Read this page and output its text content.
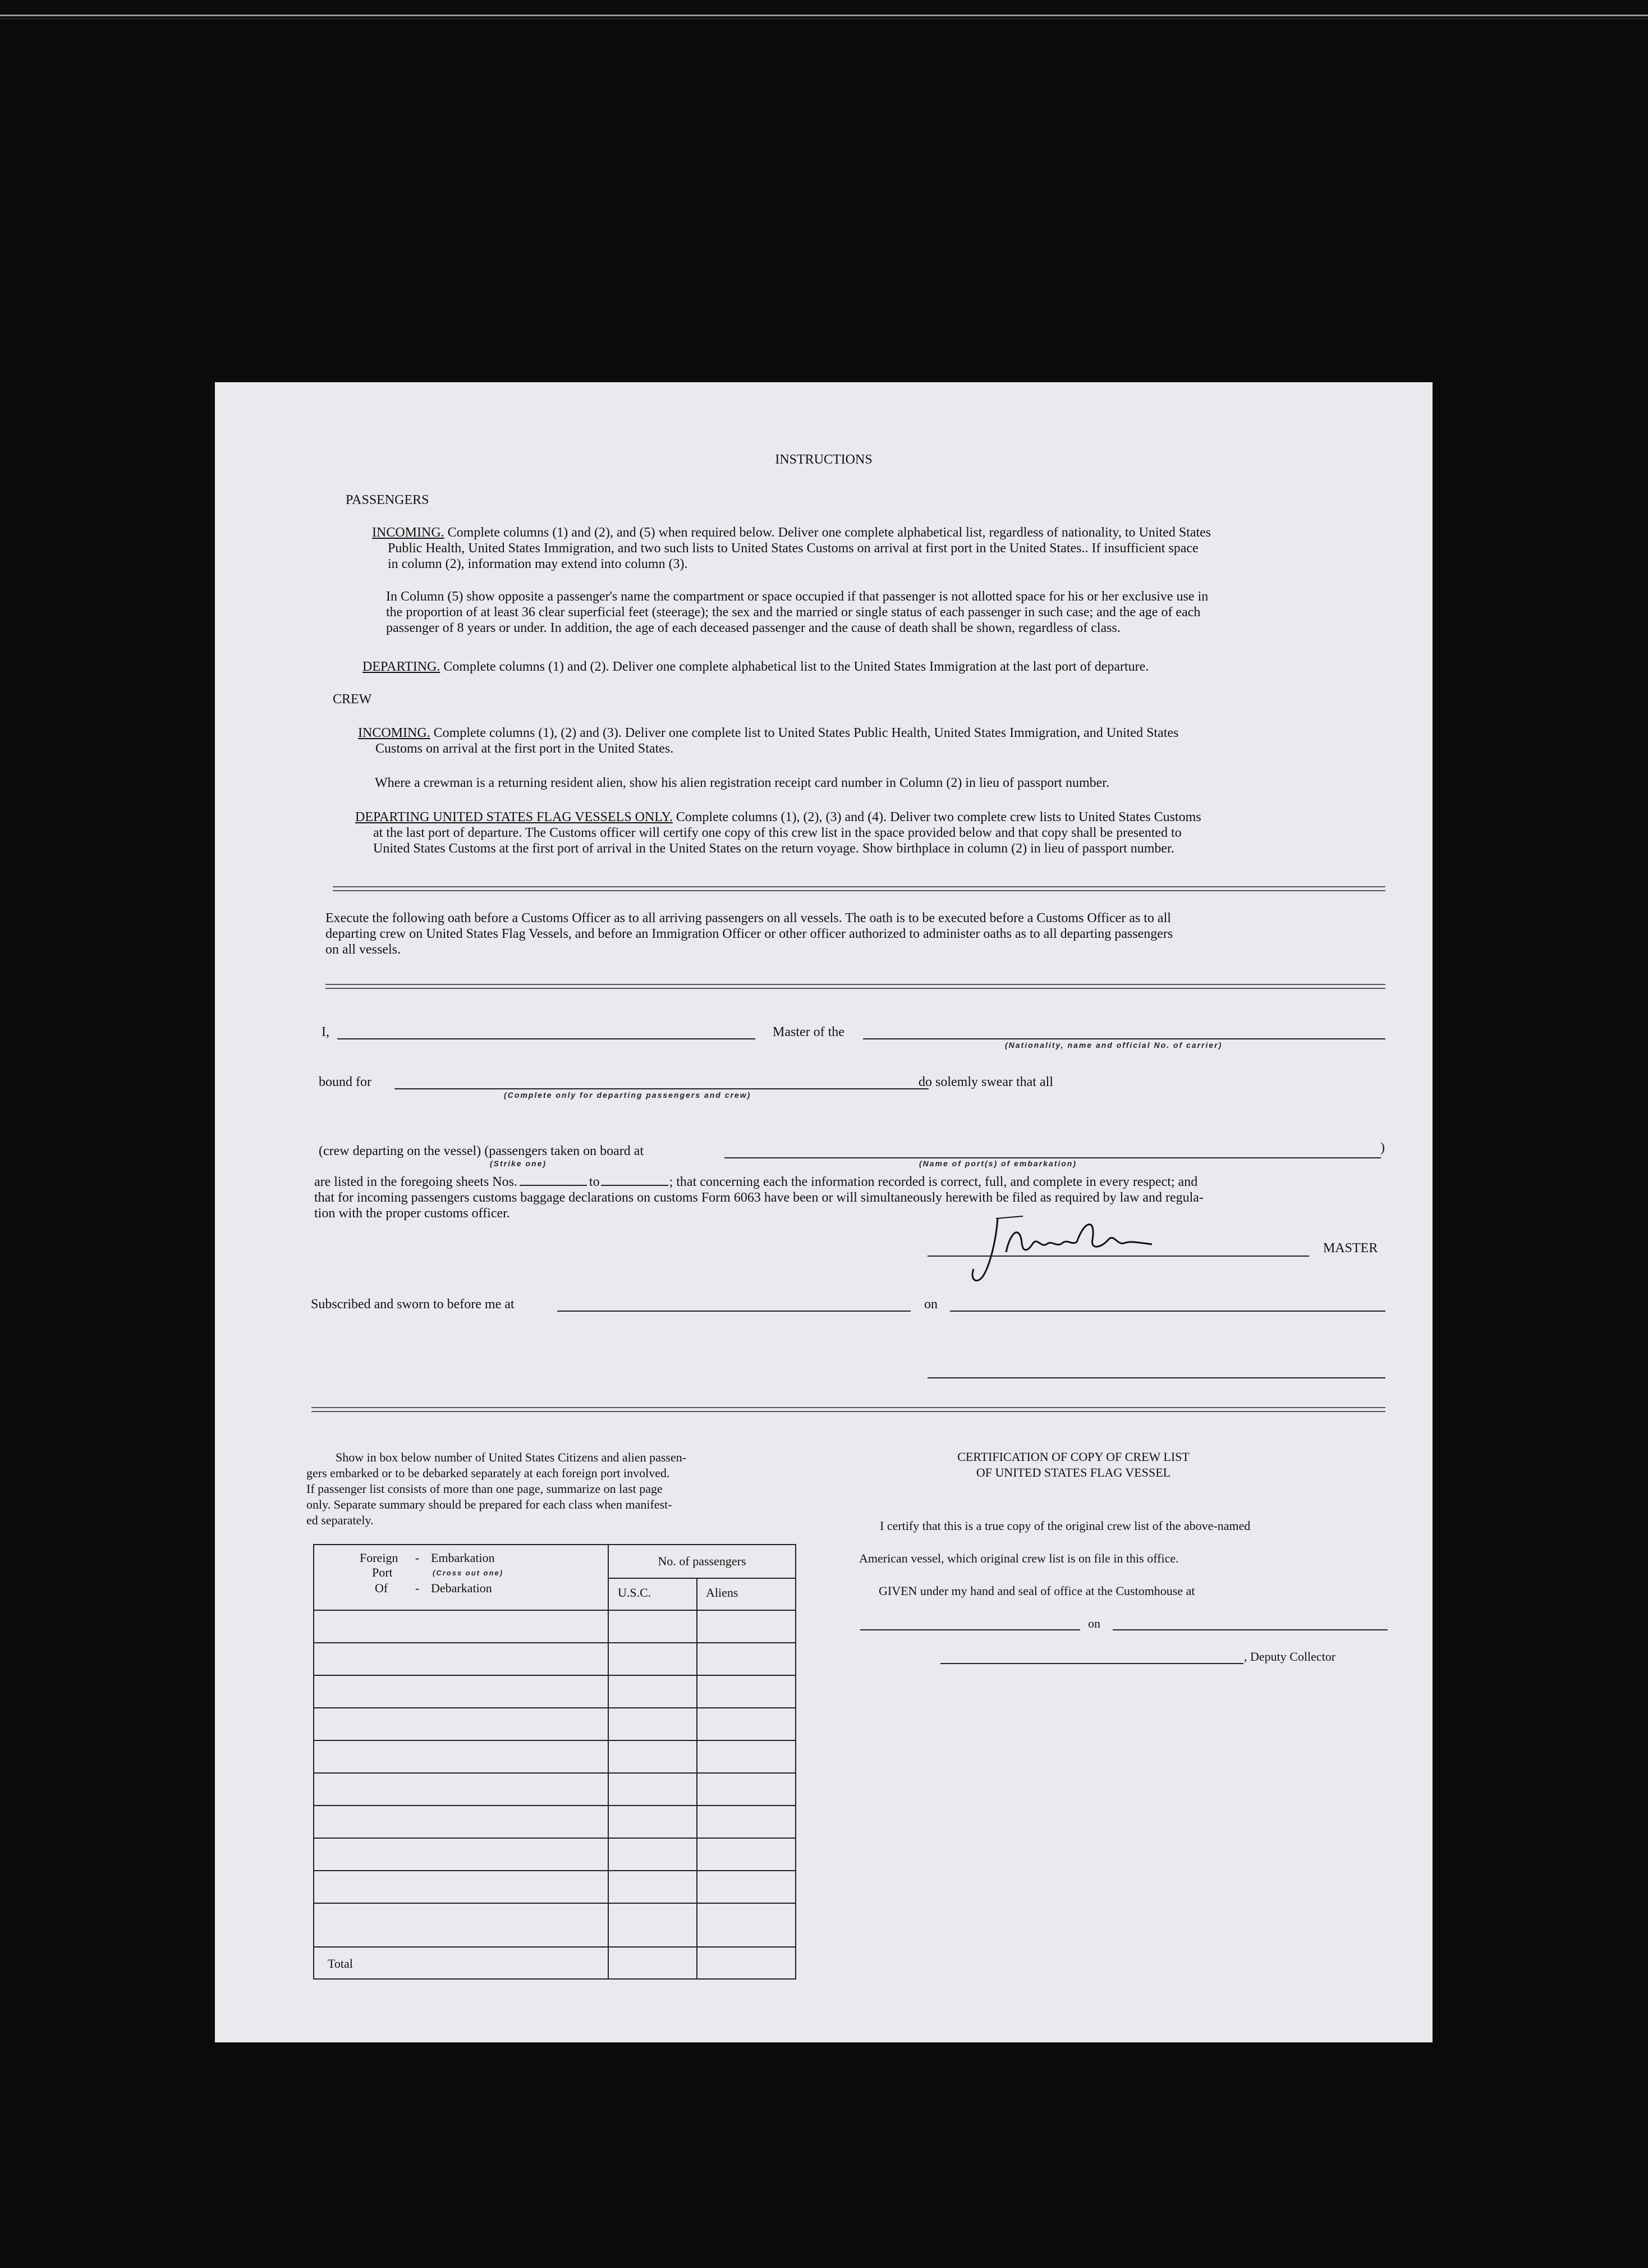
INSTRUCTIONS
PASSENGERS
INCOMING. Complete columns (1) and (2), and (5) when required below. Deliver one complete alphabetical list, regardless of nationality, to United States
Public Health, United States Immigration, and two such lists to United States Customs on arrival at first port in the United States.. If insufficient space
in column (2), information may extend into column (3).
In Column (5) show opposite a passenger's name the compartment or space occupied if that passenger is not allotted space for his or her exclusive use in
the proportion of at least 36 clear superficial feet (steerage); the sex and the married or single status of each passenger in such case; and the age of each
passenger of 8 years or under. In addition, the age of each deceased passenger and the cause of death shall be shown, regardless of class.
DEPARTING. Complete columns (1) and (2). Deliver one complete alphabetical list to the United States Immigration at the last port of departure.
CREW
INCOMING. Complete columns (1), (2) and (3). Deliver one complete list to United States Public Health, United States Immigration, and United States
Customs on arrival at the first port in the United States.
Where a crewman is a returning resident alien, show his alien registration receipt card number in Column (2) in lieu of passport number.
DEPARTING UNITED STATES FLAG VESSELS ONLY. Complete columns (1), (2), (3) and (4). Deliver two complete crew lists to United States Customs
at the last port of departure. The Customs officer will certify one copy of this crew list in the space provided below and that copy shall be presented to
United States Customs at the first port of arrival in the United States on the return voyage. Show birthplace in column (2) in lieu of passport number.
Execute the following oath before a Customs Officer as to all arriving passengers on all vessels. The oath is to be executed before a Customs Officer as to all
departing crew on United States Flag Vessels, and before an Immigration Officer or other officer authorized to administer oaths as to all departing passengers
on all vessels.
I,	Master of the
(Nationality, name and official No. of carrier)
bound for	do solemly swear that all
(Complete only for departing passengers and crew)
(crew departing on the vessel) (passengers taken on board at	)
(Strike one)	(Name of port(s) of embarkation)
are listed in the foregoing sheets Nos.	to	; that concerning each the information recorded is correct, full, and complete in every respect; and
that for incoming passengers customs baggage declarations on customs Form 6063 have been or will simultaneously herewith be filed as required by law and regula-
tion with the proper customs officer.
MASTER
Subscribed and sworn to before me at	on
Show in box below number of United States Citizens and alien passen-
gers embarked or to be debarked separately at each foreign port involved.
If passenger list consists of more than one page, summarize on last page
only. Separate summary should be prepared for each class when manifest-
ed separately.
Foreign - Embarkation
Port	(Cross out one)
Of - Debarkation
No. of passengers
U.S.C.	Aliens
Total
CERTIFICATION OF COPY OF CREW LIST
OF UNITED STATES FLAG VESSEL
I certify that this is a true copy of the original crew list of the above-named
American vessel, which original crew list is on file in this office.
GIVEN under my hand and seal of office at the Customhouse at
on
, Deputy Collector
